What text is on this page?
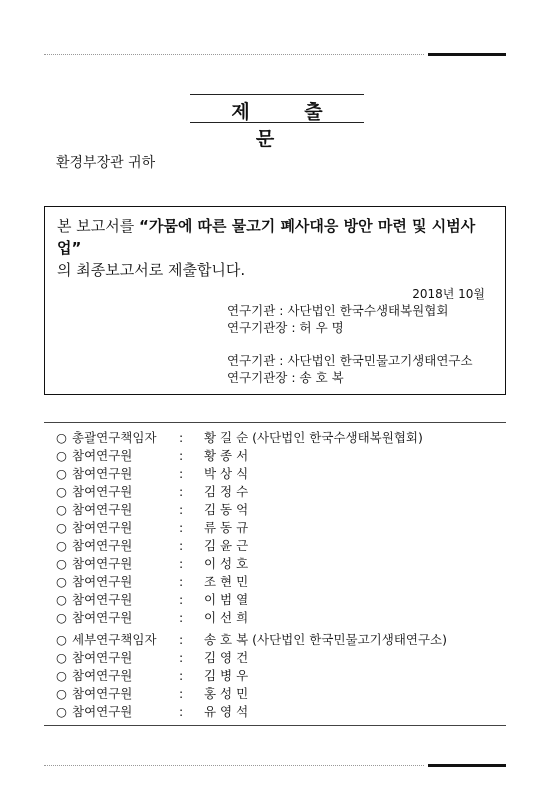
제 출 문
환경부장관 귀하
본 보고서를 “가뭄에 따른 물고기 폐사대응 방안 마련 및 시범사업”
의 최종보고서로 제출합니다.
2018년 10월
연구기관 : 사단법인 한국수생태복원협회
연구기관장 : 허 우 명
연구기관 : 사단법인 한국민물고기생태연구소
연구기관장 : 송 호 복
○ 총괄연구책임자 : 황 길 순 (사단법인 한국수생태복원협회)
○ 참여연구원	: 황 종 서
○ 참여연구원	: 박 상 식
○ 참여연구원	: 김 정 수
○ 참여연구원	: 김 동 억
○ 참여연구원	: 류 동 규
○ 참여연구원	: 김 윤 근
○ 참여연구원	: 이 성 호
○ 참여연구원	: 조 현 민
○ 참여연구원	: 이 범 열
○ 참여연구원	: 이 선 희
○ 세부연구책임자 : 송 호 복 (사단법인 한국민물고기생태연구소)
○ 참여연구원	: 김 영 건
○ 참여연구원	: 김 병 우
○ 참여연구원	: 홍 성 민
○ 참여연구원	: 유 영 석
